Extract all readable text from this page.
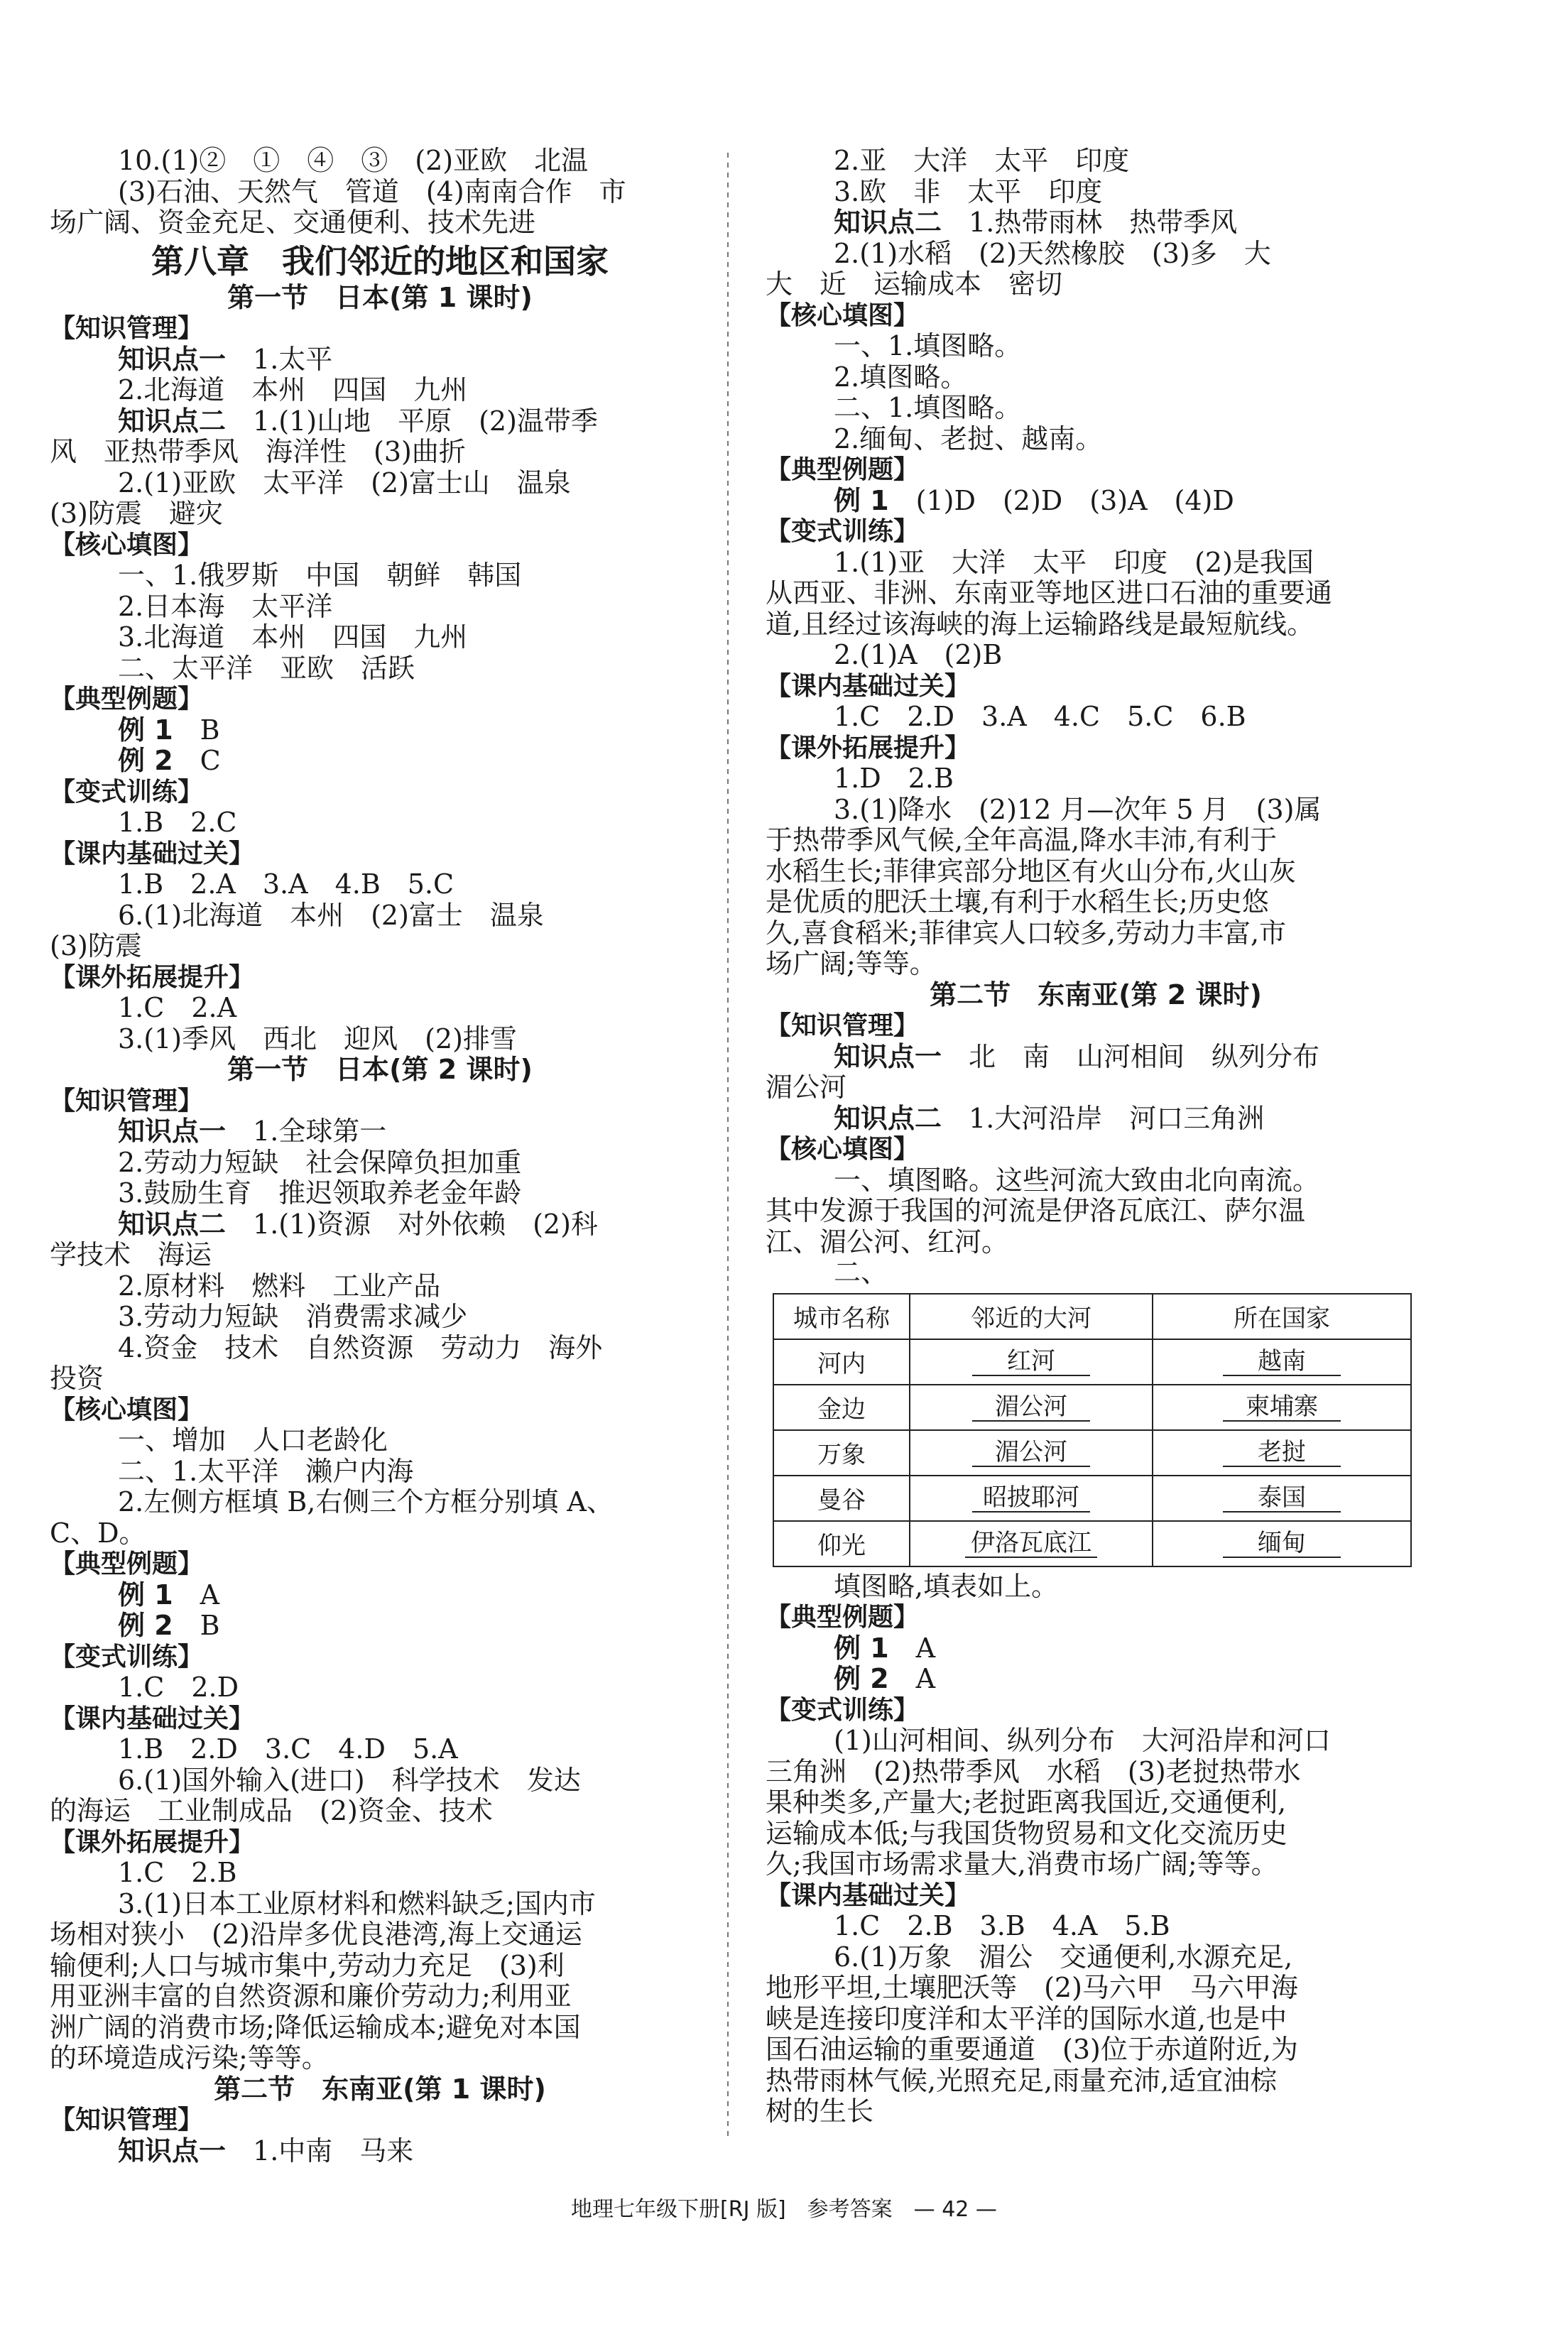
10.(1)②　①　④　③　(2)亚欧　北温
(3)石油、天然气　管道　(4)南南合作　市
场广阔、资金充足、交通便利、技术先进
第八章　我们邻近的地区和国家
第一节　日本(第 1 课时)
【知识管理】
知识点一　1.太平
2.北海道　本州　四国　九州
知识点二　1.(1)山地　平原　(2)温带季
风　亚热带季风　海洋性　(3)曲折
2.(1)亚欧　太平洋　(2)富士山　温泉
(3)防震　避灾
【核心填图】
一、1.俄罗斯　中国　朝鲜　韩国
2.日本海　太平洋
3.北海道　本州　四国　九州
二、太平洋　亚欧　活跃
【典型例题】
例 1　B
例 2　C
【变式训练】
1.B　2.C
【课内基础过关】
1.B　2.A　3.A　4.B　5.C
6.(1)北海道　本州　(2)富士　温泉
(3)防震
【课外拓展提升】
1.C　2.A
3.(1)季风　西北　迎风　(2)排雪
第一节　日本(第 2 课时)
【知识管理】
知识点一　1.全球第一
2.劳动力短缺　社会保障负担加重
3.鼓励生育　推迟领取养老金年龄
知识点二　1.(1)资源　对外依赖　(2)科
学技术　海运
2.原材料　燃料　工业产品
3.劳动力短缺　消费需求减少
4.资金　技术　自然资源　劳动力　海外
投资
【核心填图】
一、增加　人口老龄化
二、1.太平洋　濑户内海
2.左侧方框填 B,右侧三个方框分别填 A、
C、D。
【典型例题】
例 1　A
例 2　B
【变式训练】
1.C　2.D
【课内基础过关】
1.B　2.D　3.C　4.D　5.A
6.(1)国外输入(进口)　科学技术　发达
的海运　工业制成品　(2)资金、技术
【课外拓展提升】
1.C　2.B
3.(1)日本工业原材料和燃料缺乏;国内市
场相对狭小　(2)沿岸多优良港湾,海上交通运
输便利;人口与城市集中,劳动力充足　(3)利
用亚洲丰富的自然资源和廉价劳动力;利用亚
洲广阔的消费市场;降低运输成本;避免对本国
的环境造成污染;等等。
第二节　东南亚(第 1 课时)
【知识管理】
知识点一　1.中南　马来
2.亚　大洋　太平　印度
3.欧　非　太平　印度
知识点二　1.热带雨林　热带季风
2.(1)水稻　(2)天然橡胶　(3)多　大
大　近　运输成本　密切
【核心填图】
一、1.填图略。
2.填图略。
二、1.填图略。
2.缅甸、老挝、越南。
【典型例题】
例 1　(1)D　(2)D　(3)A　(4)D
【变式训练】
1.(1)亚　大洋　太平　印度　(2)是我国
从西亚、非洲、东南亚等地区进口石油的重要通
道,且经过该海峡的海上运输路线是最短航线。
2.(1)A　(2)B
【课内基础过关】
1.C　2.D　3.A　4.C　5.C　6.B
【课外拓展提升】
1.D　2.B
3.(1)降水　(2)12 月—次年 5 月　(3)属
于热带季风气候,全年高温,降水丰沛,有利于
水稻生长;菲律宾部分地区有火山分布,火山灰
是优质的肥沃土壤,有利于水稻生长;历史悠
久,喜食稻米;菲律宾人口较多,劳动力丰富,市
场广阔;等等。
第二节　东南亚(第 2 课时)
【知识管理】
知识点一　北　南　山河相间　纵列分布
湄公河
知识点二　1.大河沿岸　河口三角洲
【核心填图】
一、填图略。这些河流大致由北向南流。
其中发源于我国的河流是伊洛瓦底江、萨尔温
江、湄公河、红河。
二、
城市名称	邻近的大河	所在国家
河内	红河	越南
金边	湄公河	柬埔寨
万象	湄公河	老挝
曼谷	昭披耶河	泰国
仰光	伊洛瓦底江	缅甸
填图略,填表如上。
【典型例题】
例 1　A
例 2　A
【变式训练】
(1)山河相间、纵列分布　大河沿岸和河口
三角洲　(2)热带季风　水稻　(3)老挝热带水
果种类多,产量大;老挝距离我国近,交通便利,
运输成本低;与我国货物贸易和文化交流历史
久;我国市场需求量大,消费市场广阔;等等。
【课内基础过关】
1.C　2.B　3.B　4.A　5.B
6.(1)万象　湄公　交通便利,水源充足,
地形平坦,土壤肥沃等　(2)马六甲　马六甲海
峡是连接印度洋和太平洋的国际水道,也是中
国石油运输的重要通道　(3)位于赤道附近,为
热带雨林气候,光照充足,雨量充沛,适宜油棕
树的生长
地理七年级下册[RJ 版]　参考答案　— 42 —
